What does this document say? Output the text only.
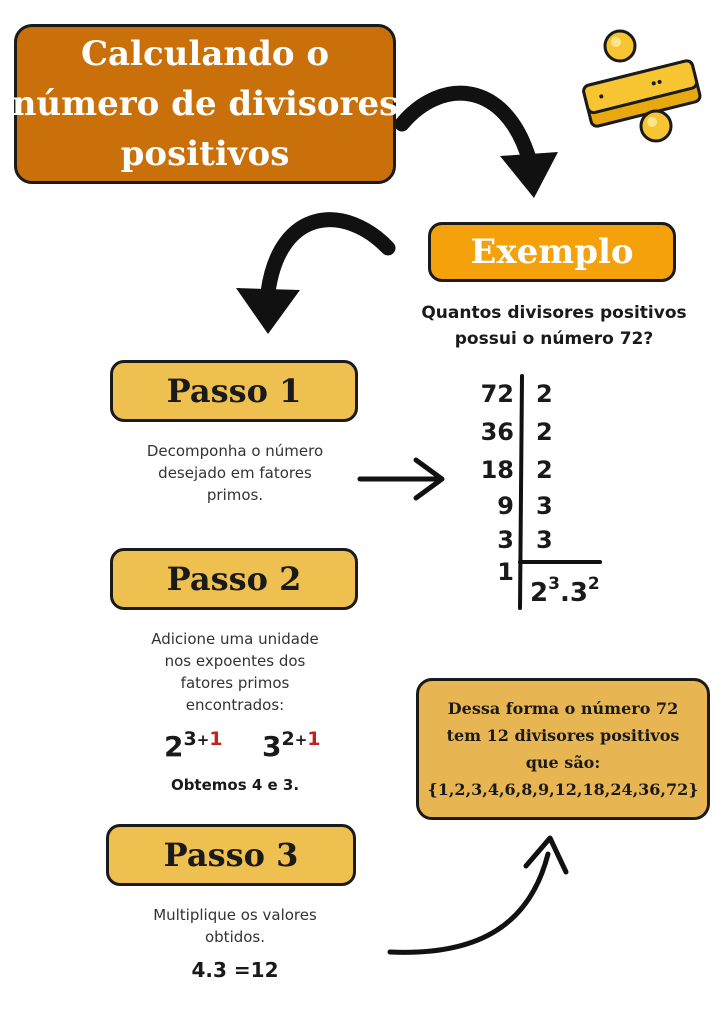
Calculando o
número de divisores
positivos
Exemplo
Quantos divisores positivos
possui o número 72?
72
36
18
9
3
1
2
2
2
3
3
$2^3.3^2$
Passo 1
Decomponha o número
desejado em fatores
primos.
Passo 2
Adicione uma unidade
nos expoentes dos
fatores primos
encontrados:
$2^{3+1}$ $3^{2+1}$
Obtemos 4 e 3.
Passo 3
Multiplique os valores
obtidos.
4.3 =12
Dessa forma o número 72
tem 12 divisores positivos
que são:
{1,2,3,4,6,8,9,12,18,24,36,72}
